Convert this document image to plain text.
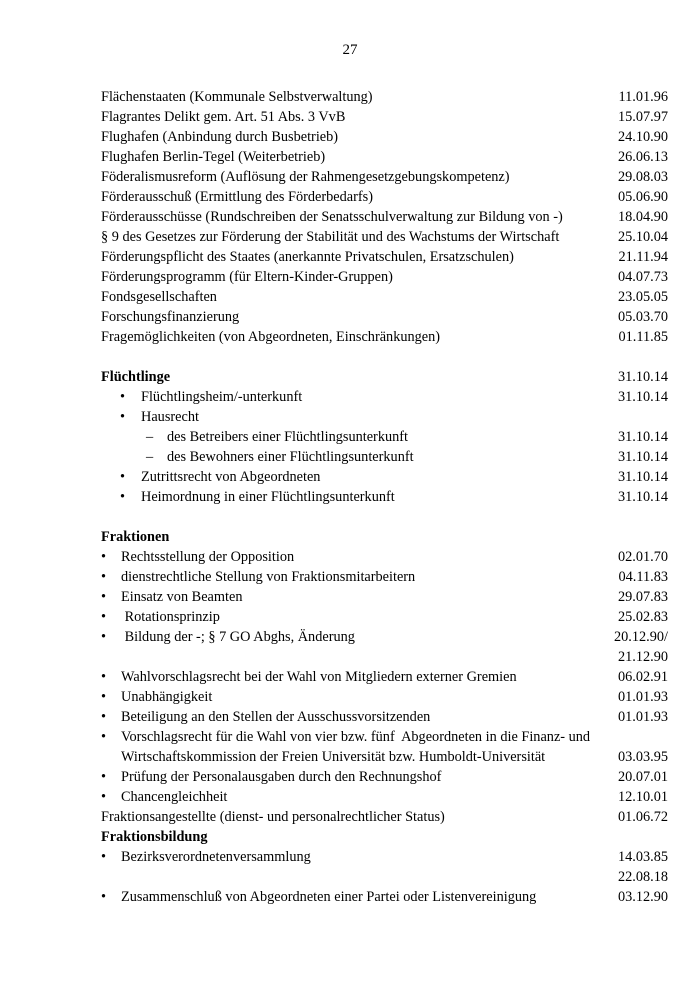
27
Flächenstaaten (Kommunale Selbstverwaltung)	11.01.96
Flagrantes Delikt gem. Art. 51 Abs. 3 VvB	15.07.97
Flughafen (Anbindung durch Busbetrieb)	24.10.90
Flughafen Berlin-Tegel (Weiterbetrieb)	26.06.13
Föderalismusreform (Auflösung der Rahmengesetzgebungskompetenz)	29.08.03
Förderausschuß (Ermittlung des Förderbedarfs)	05.06.90
Förderausschüsse (Rundschreiben der Senatsschulverwaltung zur Bildung von -)	18.04.90
§ 9 des Gesetzes zur Förderung der Stabilität und des Wachstums der Wirtschaft	25.10.04
Förderungspflicht des Staates (anerkannte Privatschulen, Ersatzschulen)	21.11.94
Förderungsprogramm (für Eltern-Kinder-Gruppen)	04.07.73
Fondsgesellschaften	23.05.05
Forschungsfinanzierung	05.03.70
Fragemöglichkeiten (von Abgeordneten, Einschränkungen)	01.11.85
Flüchtlinge	31.10.14
• Flüchtlingsheim/-unterkunft	31.10.14
• Hausrecht
– des Betreibers einer Flüchtlingsunterkunft	31.10.14
– des Bewohners einer Flüchtlingsunterkunft	31.10.14
• Zutrittsrecht von Abgeordneten	31.10.14
• Heimordnung in einer Flüchtlingsunterkunft	31.10.14
Fraktionen
• Rechtsstellung der Opposition	02.01.70
• dienstrechtliche Stellung von Fraktionsmitarbeitern	04.11.83
• Einsatz von Beamten	29.07.83
• Rotationsprinzip	25.02.83
• Bildung der -; § 7 GO Abghs, Änderung	20.12.90/
21.12.90
• Wahlvorschlagsrecht bei der Wahl von Mitgliedern externer Gremien	06.02.91
• Unabhängigkeit	01.01.93
• Beteiligung an den Stellen der Ausschussvorsitzenden	01.01.93
• Vorschlagsrecht für die Wahl von vier bzw. fünf  Abgeordneten in die Finanz- und
Wirtschaftskommission der Freien Universität bzw. Humboldt-Universität	03.03.95
• Prüfung der Personalausgaben durch den Rechnungshof	20.07.01
• Chancengleichheit	12.10.01
Fraktionsangestellte (dienst- und personalrechtlicher Status)	01.06.72
Fraktionsbildung
• Bezirksverordnetenversammlung	14.03.85
22.08.18
• Zusammenschluß von Abgeordneten einer Partei oder Listenvereinigung	03.12.90
